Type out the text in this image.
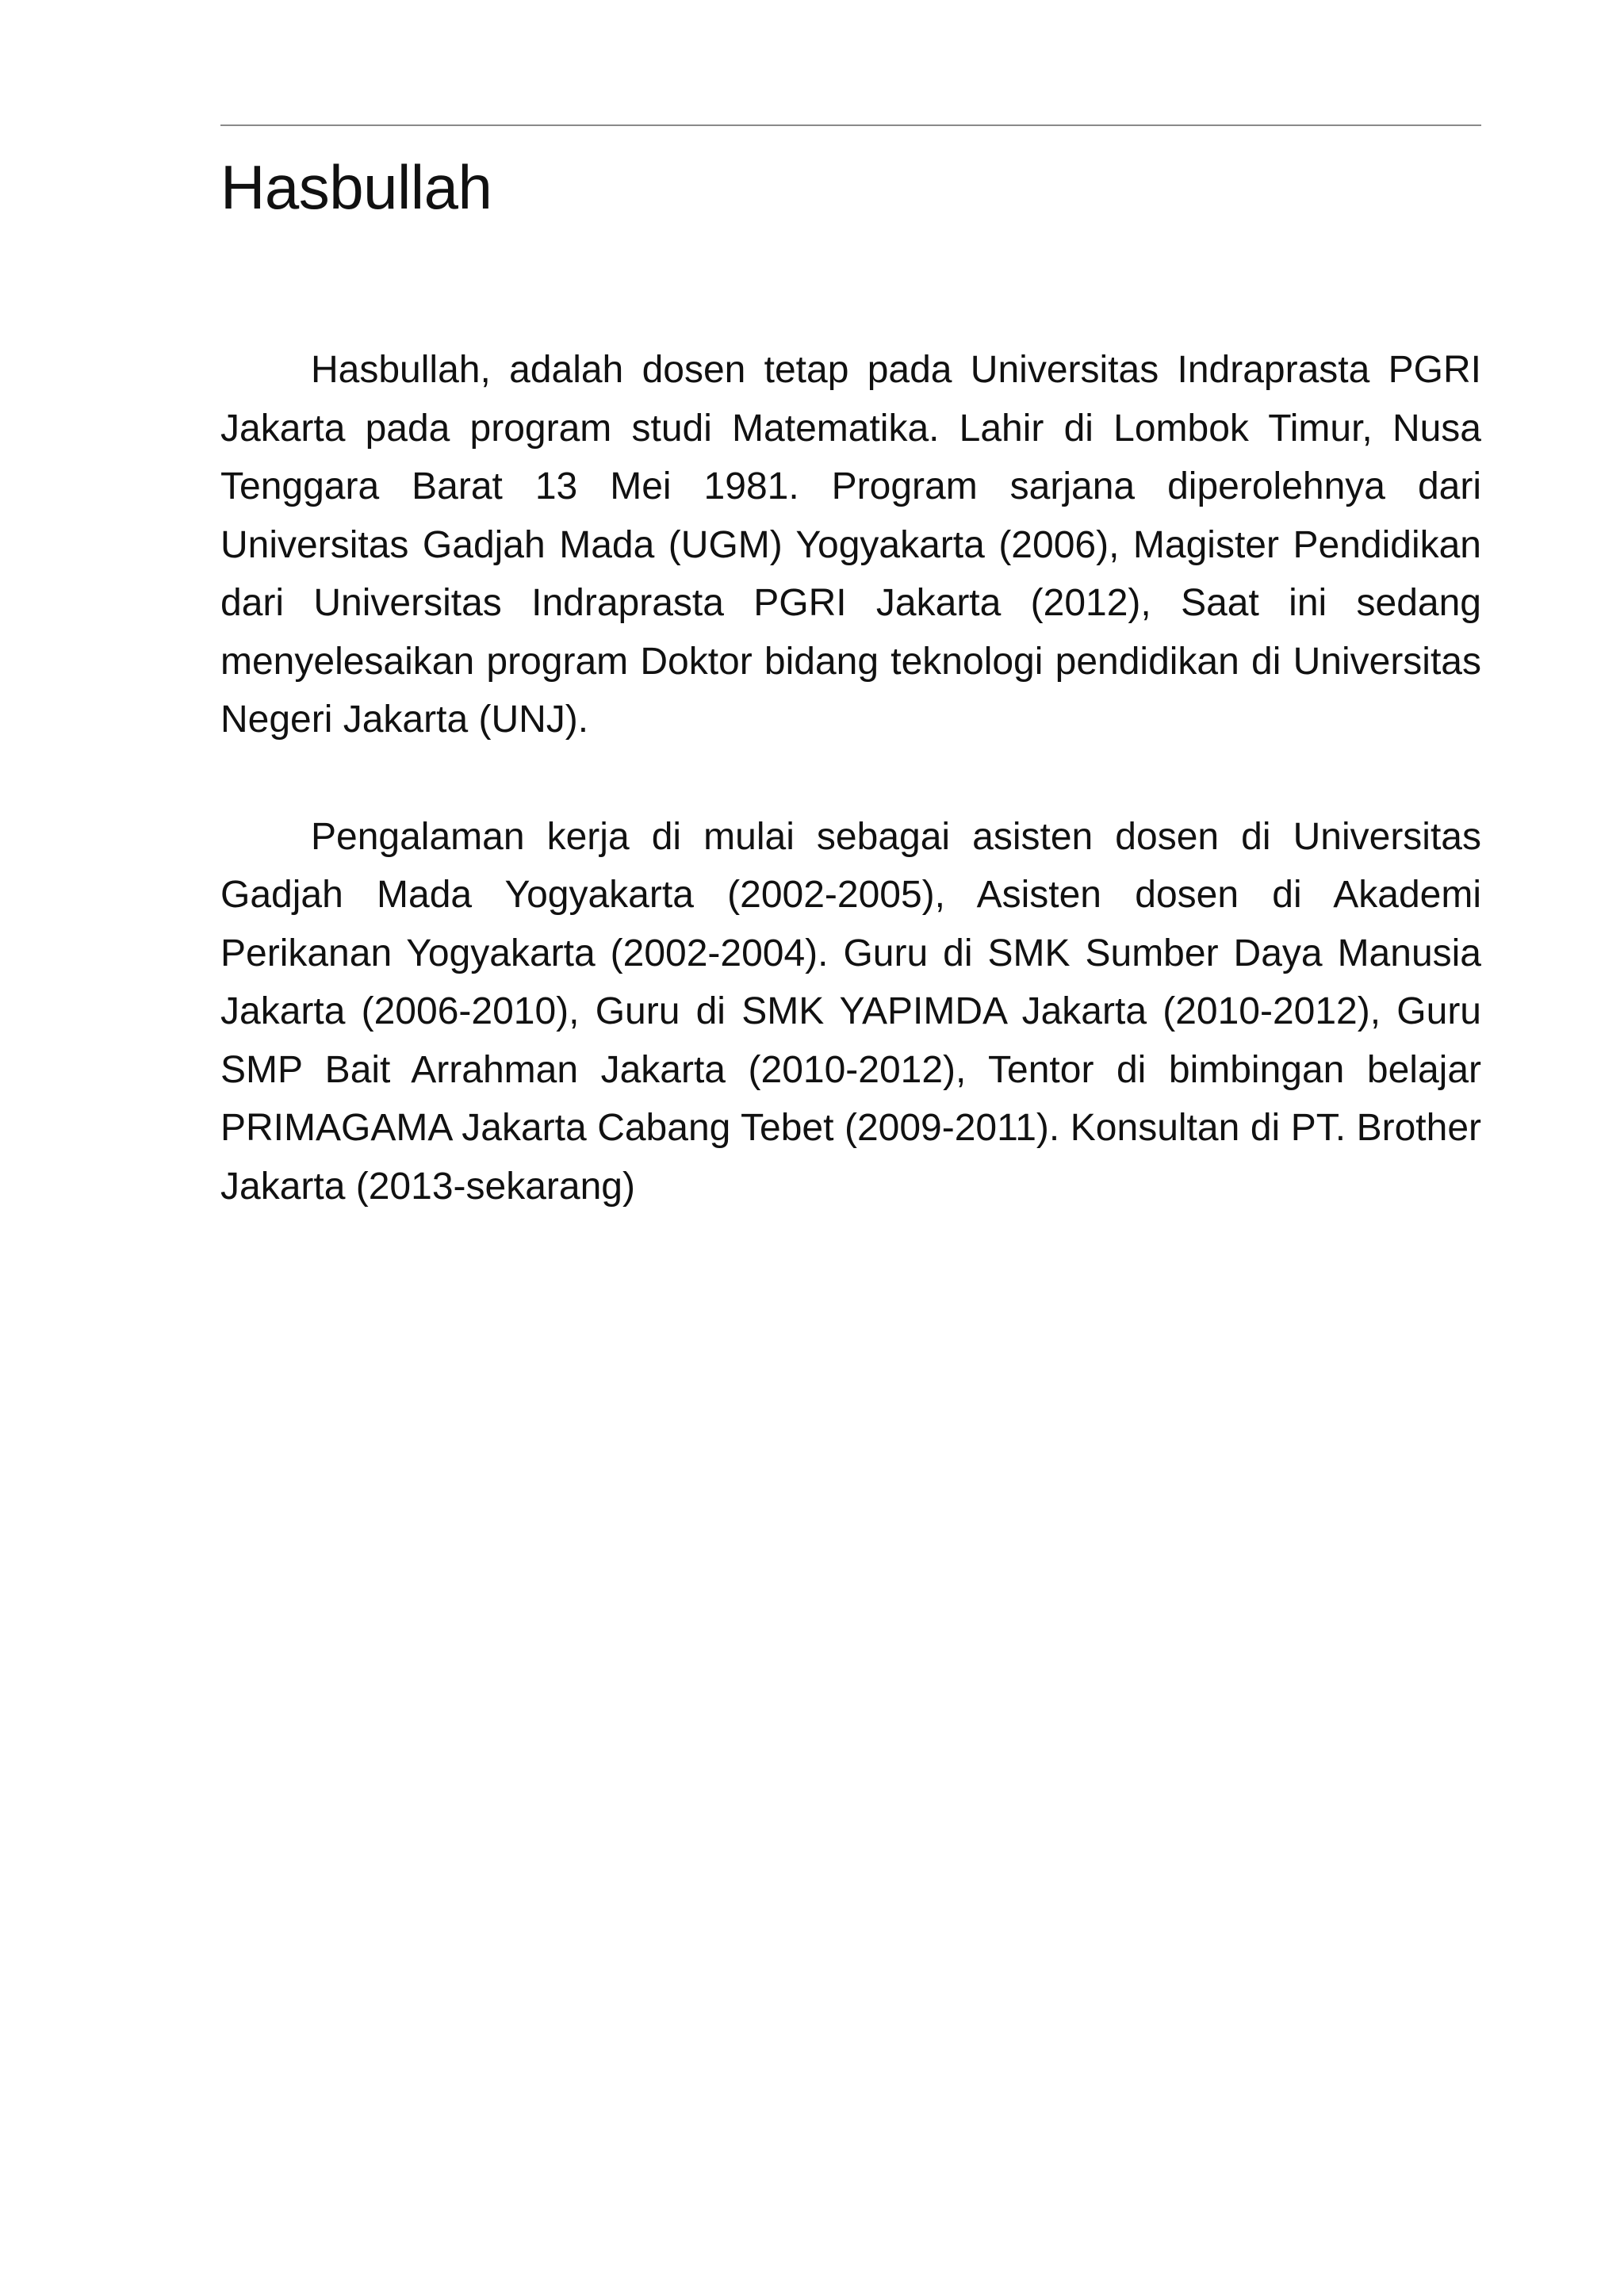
Hasbullah

Hasbullah, adalah dosen tetap pada Universitas Indraprasta PGRI Jakarta pada program studi Matematika. Lahir di Lombok Timur, Nusa Tenggara Barat 13 Mei 1981. Program sarjana diperolehnya dari Universitas Gadjah Mada (UGM) Yogyakarta (2006), Magister Pendidikan dari Universitas Indraprasta PGRI Jakarta (2012), Saat ini sedang menyelesaikan program Doktor bidang teknologi pendidikan di Universitas Negeri Jakarta (UNJ).

Pengalaman kerja di mulai sebagai asisten dosen di Universitas Gadjah Mada Yogyakarta (2002-2005), Asisten dosen di Akademi Perikanan Yogyakarta (2002-2004). Guru di SMK Sumber Daya Manusia Jakarta (2006-2010), Guru di SMK YAPIMDA Jakarta (2010-2012), Guru SMP Bait Arrahman Jakarta (2010-2012), Tentor di bimbingan belajar PRIMAGAMA Jakarta Cabang Tebet (2009-2011). Konsultan di PT. Brother Jakarta (2013-sekarang)
